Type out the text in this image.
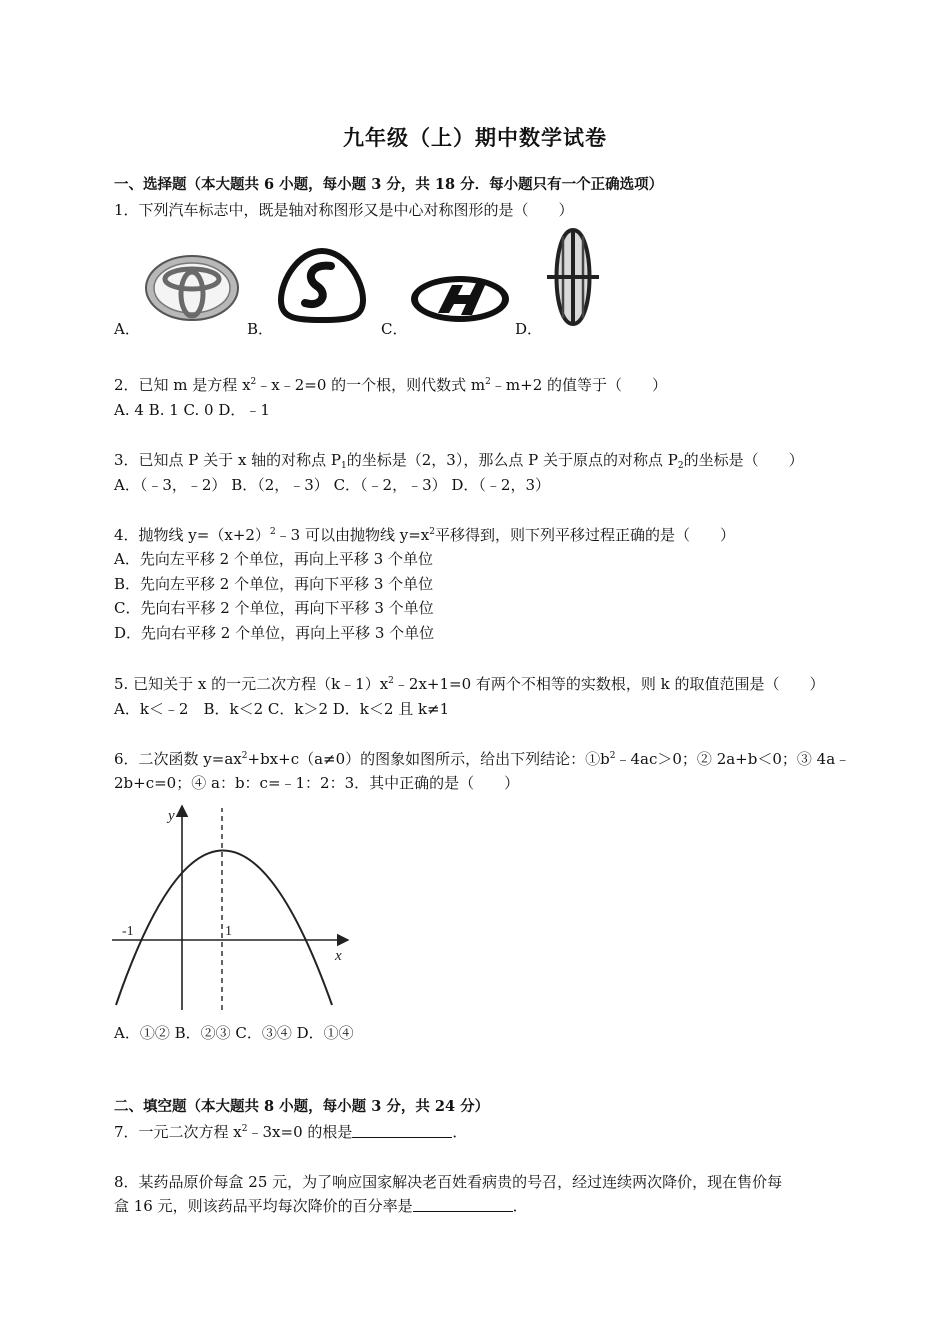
九年级（上）期中数学试卷
一、选择题（本大题共 6 小题，每小题 3 分，共 18 分．每小题只有一个正确选项）
1．下列汽车标志中，既是轴对称图形又是中心对称图形的是（　　）
A．	B．	C．	D．
2．已知 m 是方程 $x^2﹣x﹣2=0$ 的一个根，则代数式 $m^2﹣m+2$ 的值等于（　　）
A. 4 B. 1 C. 0 D．﹣1
3．已知点 P 关于 x 轴的对称点 $P_1$的坐标是（2，3），那么点 P 关于原点的对称点 $P_2$的坐标是（　　）
A．（﹣3，﹣2） B．（2，﹣3） C．（﹣2，﹣3） D．（﹣2，3）
4．抛物线 $y=(x+2)^2﹣3$ 可以由抛物线 $y=x^2$平移得到，则下列平移过程正确的是（　　）
A．先向左平移 2 个单位，再向上平移 3 个单位
B．先向左平移 2 个单位，再向下平移 3 个单位
C．先向右平移 2 个单位，再向下平移 3 个单位
D．先向右平移 2 个单位，再向上平移 3 个单位
5. 已知关于 x 的一元二次方程$(k﹣1)x^2﹣2x+1=0$ 有两个不相等的实数根，则 k 的取值范围是（　　）
A．k＜﹣2　B．k＜2 C．k＞2 D．k＜2 且 k≠1
6．二次函数 $y=ax^2+bx+c(a\ne 0)$的图象如图所示，给出下列结论：$①b^2﹣4ac>0$；② 2a+b＜0；③ 4a﹣
2b+c=0；④ a：b：c=﹣1：2：3．其中正确的是（　　）
y
x
-1	1
A．①② B．②③ C．③④ D．①④
二、填空题（本大题共 8 小题，每小题 3 分，共 24 分）
7．一元二次方程 $x^2﹣3x=0$ 的根是	．
8．某药品原价每盒 25 元，为了响应国家解决老百姓看病贵的号召，经过连续两次降价，现在售价每
盒 16 元，则该药品平均每次降价的百分率是	．
